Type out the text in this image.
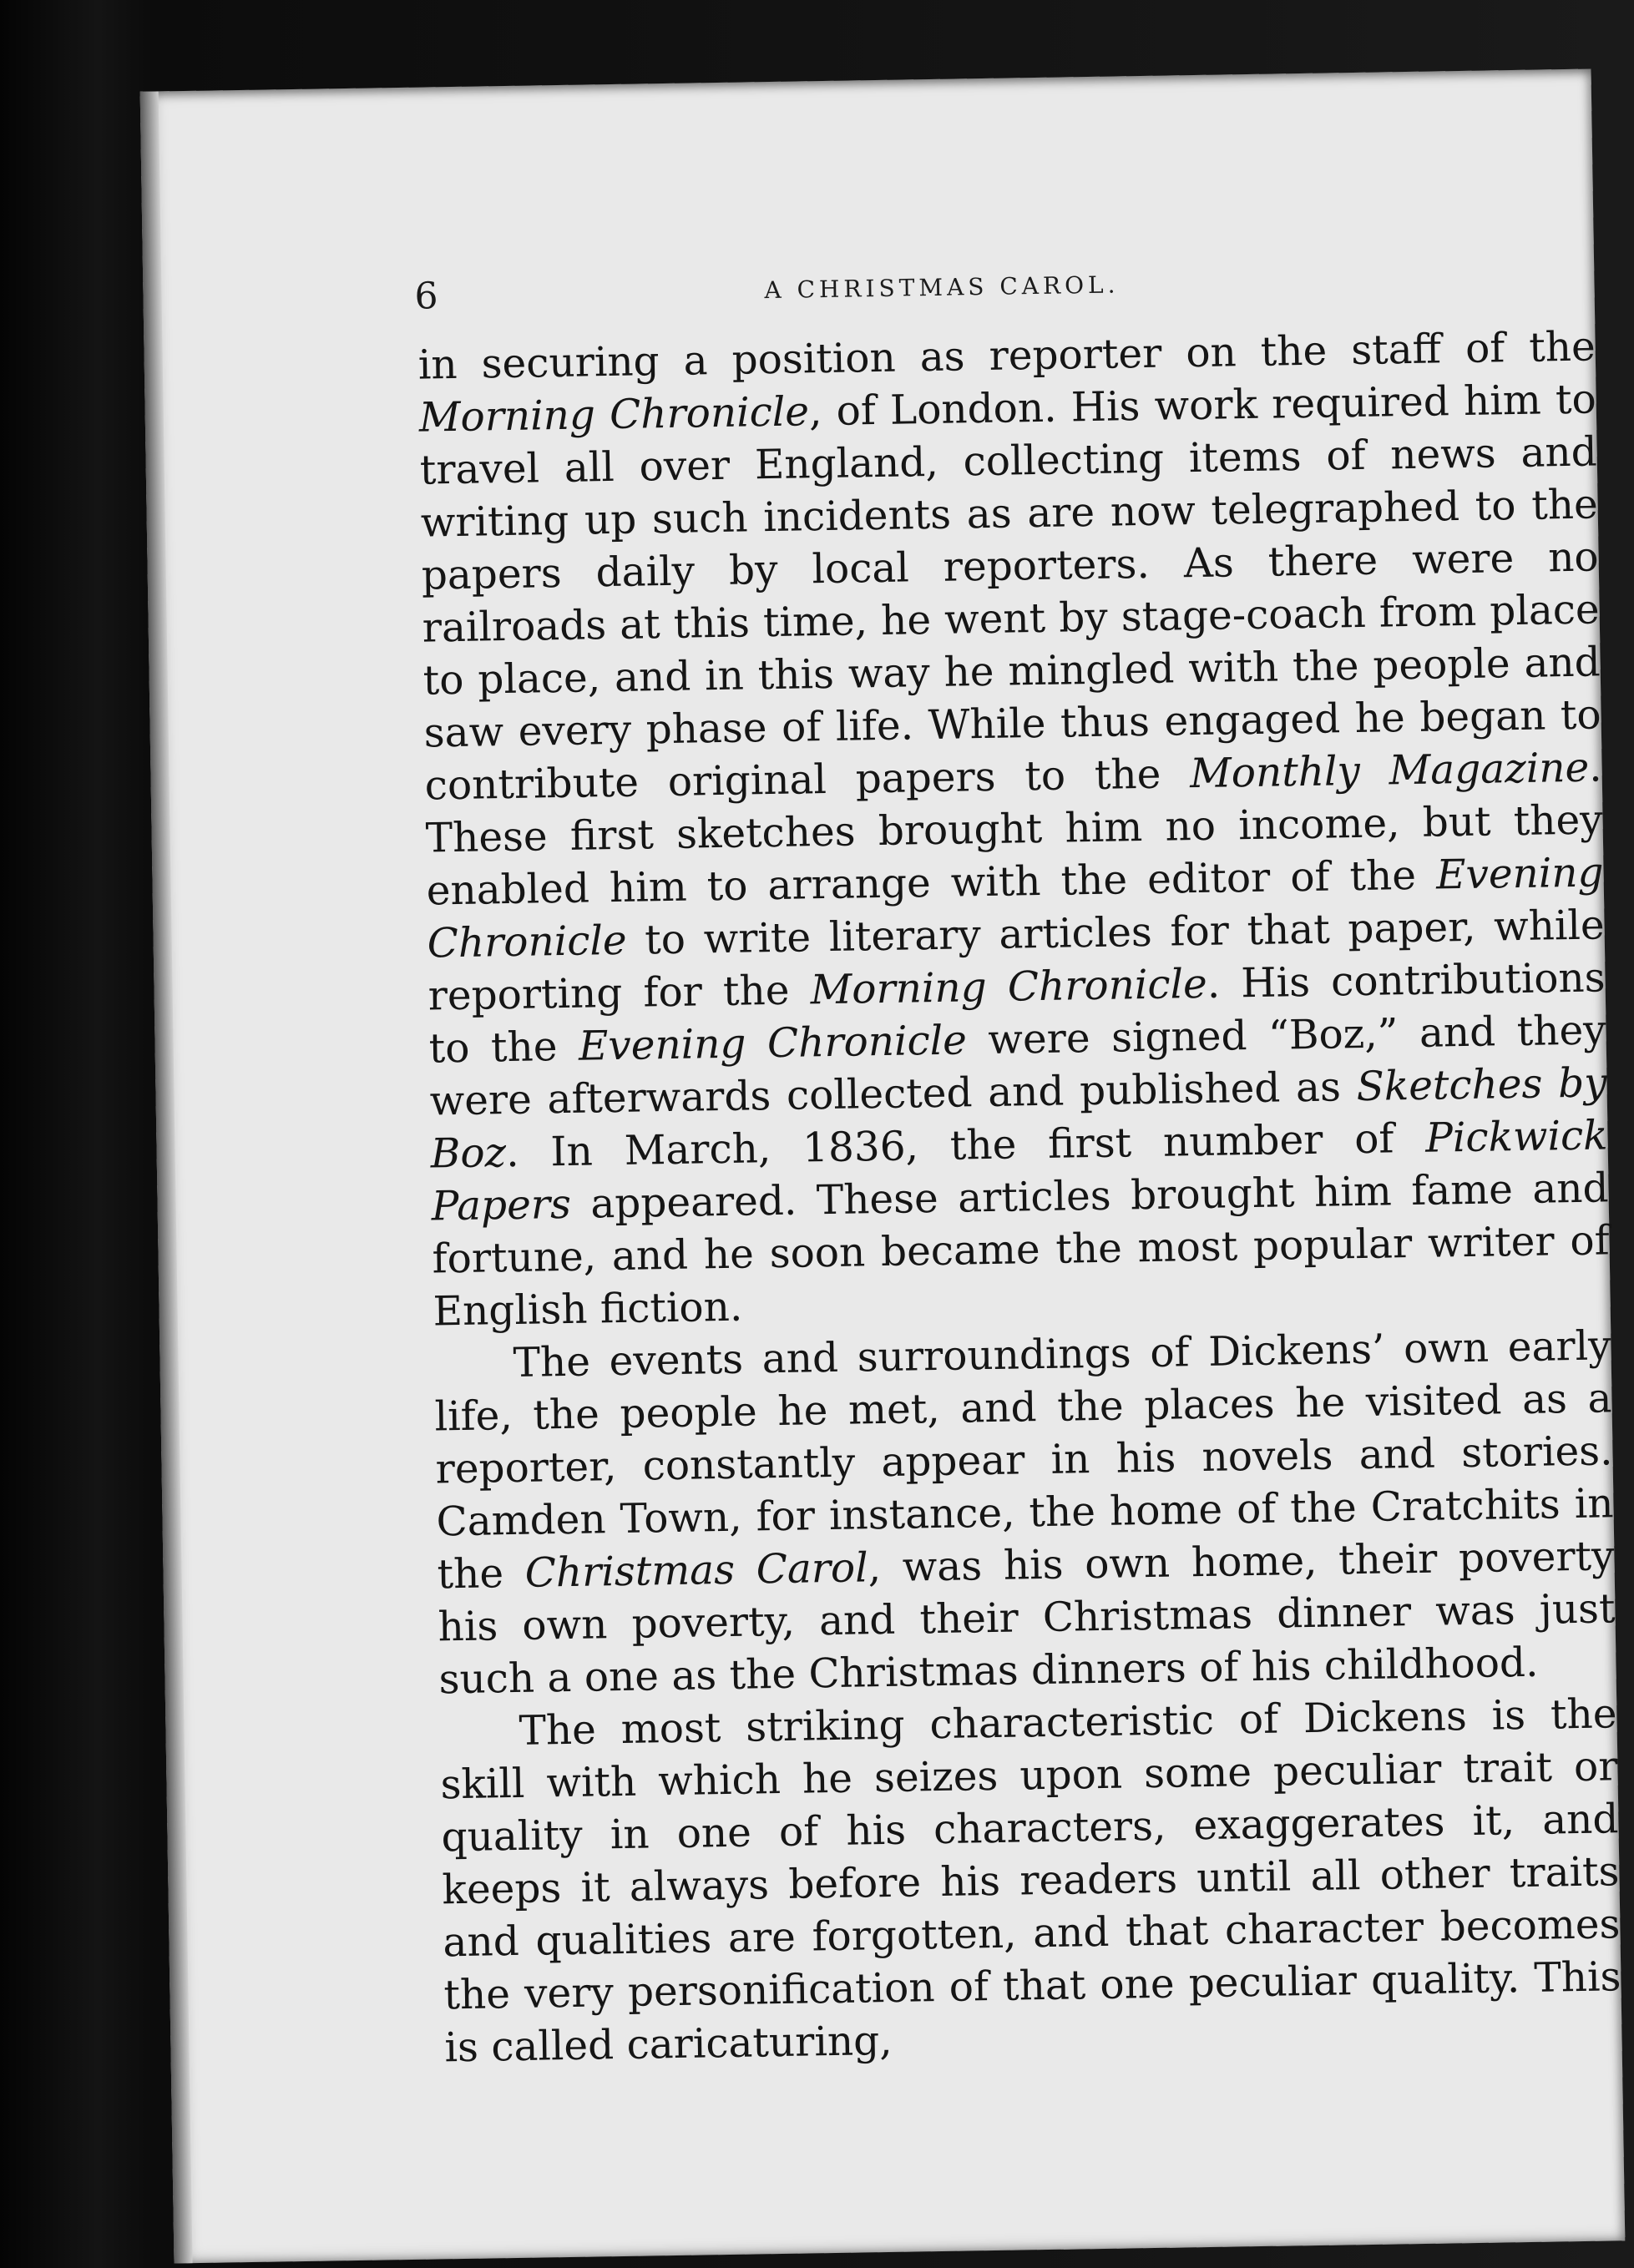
6	A CHRISTMAS CAROL.

in securing a position as reporter on the staff of the Morning Chronicle, of London. His work required him to travel all over England, collecting items of news and writing up such incidents as are now telegraphed to the papers daily by local reporters. As there were no railroads at this time, he went by stage-coach from place to place, and in this way he mingled with the people and saw every phase of life. While thus engaged he began to contribute original papers to the Monthly Magazine. These first sketches brought him no income, but they enabled him to arrange with the editor of the Evening Chronicle to write literary articles for that paper, while reporting for the Morning Chronicle. His contributions to the Evening Chronicle were signed “Boz,” and they were afterwards collected and published as Sketches by Boz. In March, 1836, the first number of Pickwick Papers appeared. These articles brought him fame and fortune, and he soon became the most popular writer of English fiction.

The events and surroundings of Dickens’ own early life, the people he met, and the places he visited as a reporter, constantly appear in his novels and stories. Camden Town, for instance, the home of the Cratchits in the Christmas Carol, was his own home, their poverty his own poverty, and their Christmas dinner was just such a one as the Christmas dinners of his childhood.

The most striking characteristic of Dickens is the skill with which he seizes upon some peculiar trait or quality in one of his characters, exaggerates it, and keeps it always before his readers until all other traits and qualities are forgotten, and that character becomes the very personification of that one peculiar quality. This is called caricaturing,
